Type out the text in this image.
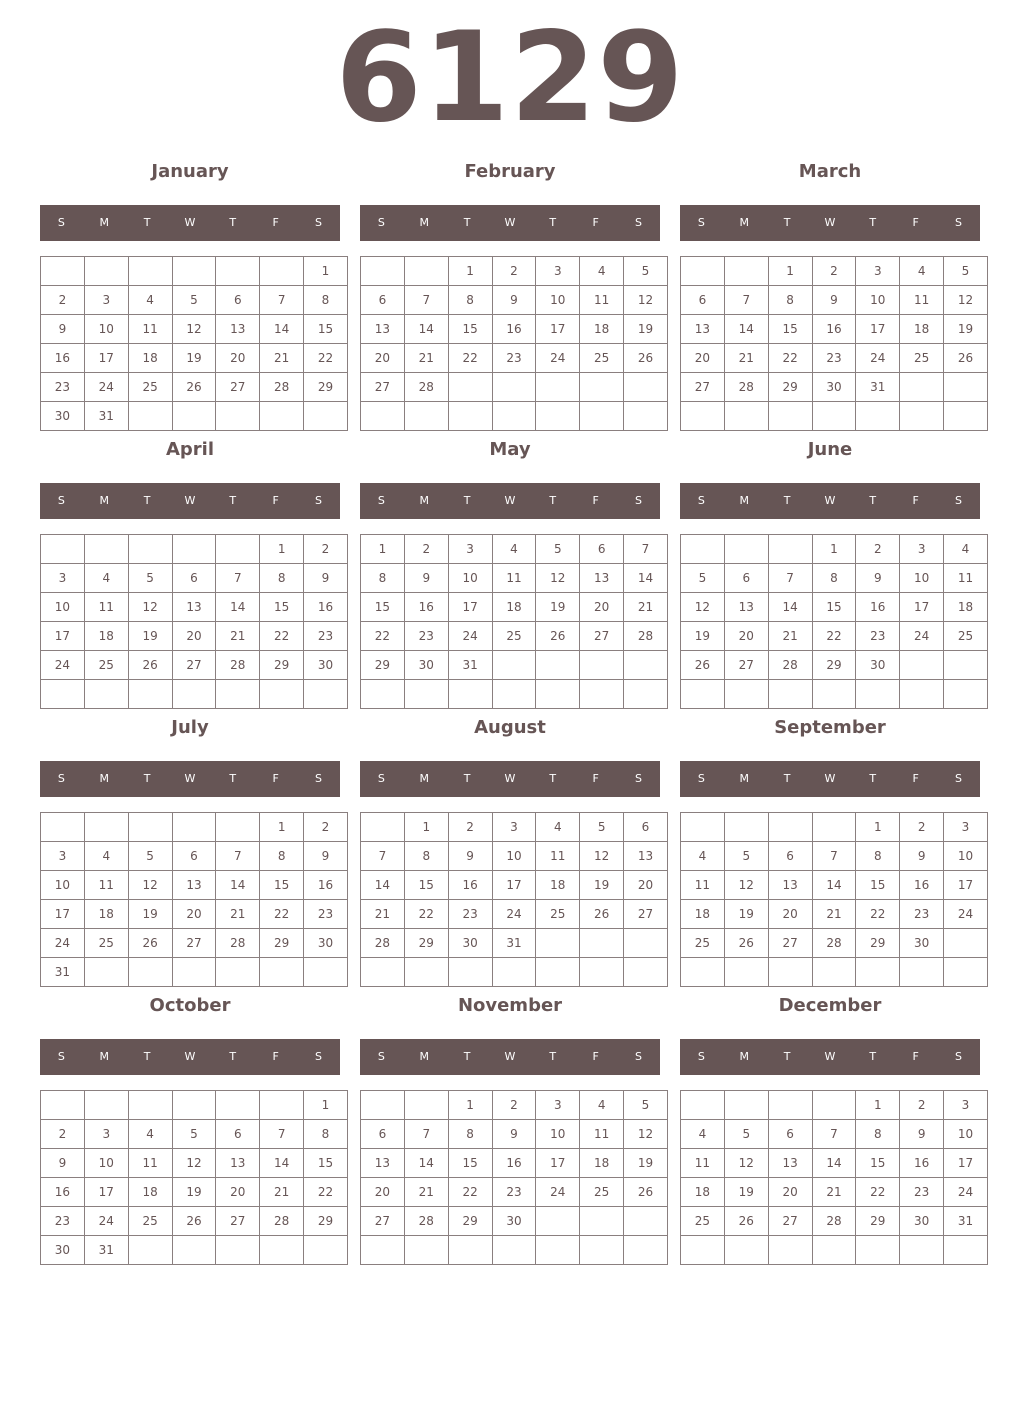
6129
January
S	M	T	W	T	F	S
						1
2	3	4	5	6	7	8
9	10	11	12	13	14	15
16	17	18	19	20	21	22
23	24	25	26	27	28	29
30	31					
February
S	M	T	W	T	F	S
		1	2	3	4	5
6	7	8	9	10	11	12
13	14	15	16	17	18	19
20	21	22	23	24	25	26
27	28					

March
S	M	T	W	T	F	S
		1	2	3	4	5
6	7	8	9	10	11	12
13	14	15	16	17	18	19
20	21	22	23	24	25	26
27	28	29	30	31		

April
S	M	T	W	T	F	S
					1	2
3	4	5	6	7	8	9
10	11	12	13	14	15	16
17	18	19	20	21	22	23
24	25	26	27	28	29	30

May
S	M	T	W	T	F	S
1	2	3	4	5	6	7
8	9	10	11	12	13	14
15	16	17	18	19	20	21
22	23	24	25	26	27	28
29	30	31				

June
S	M	T	W	T	F	S
			1	2	3	4
5	6	7	8	9	10	11
12	13	14	15	16	17	18
19	20	21	22	23	24	25
26	27	28	29	30		

July
S	M	T	W	T	F	S
					1	2
3	4	5	6	7	8	9
10	11	12	13	14	15	16
17	18	19	20	21	22	23
24	25	26	27	28	29	30
31						
August
S	M	T	W	T	F	S
	1	2	3	4	5	6
7	8	9	10	11	12	13
14	15	16	17	18	19	20
21	22	23	24	25	26	27
28	29	30	31			

September
S	M	T	W	T	F	S
				1	2	3
4	5	6	7	8	9	10
11	12	13	14	15	16	17
18	19	20	21	22	23	24
25	26	27	28	29	30	

October
S	M	T	W	T	F	S
						1
2	3	4	5	6	7	8
9	10	11	12	13	14	15
16	17	18	19	20	21	22
23	24	25	26	27	28	29
30	31					
November
S	M	T	W	T	F	S
		1	2	3	4	5
6	7	8	9	10	11	12
13	14	15	16	17	18	19
20	21	22	23	24	25	26
27	28	29	30			

December
S	M	T	W	T	F	S
				1	2	3
4	5	6	7	8	9	10
11	12	13	14	15	16	17
18	19	20	21	22	23	24
25	26	27	28	29	30	31
